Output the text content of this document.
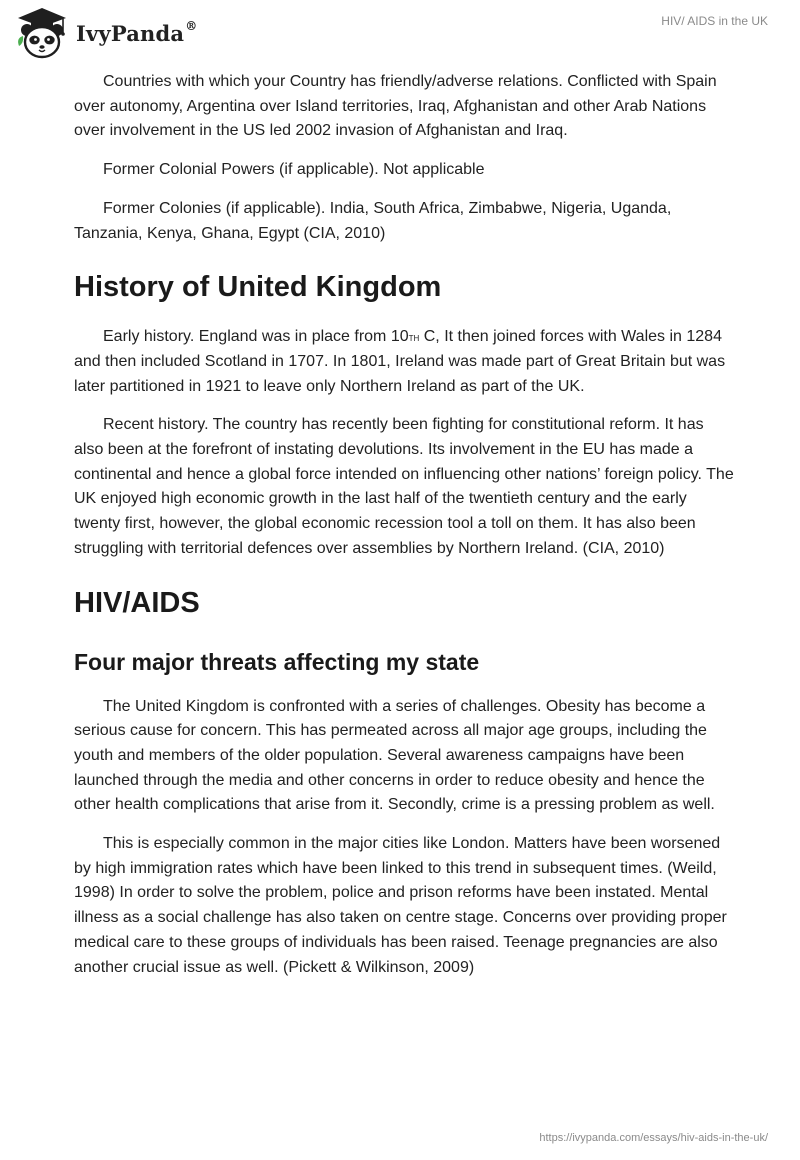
IvyPanda®	HIV/ AIDS in the UK

Countries with which your Country has friendly/adverse relations. Conflicted with Spain over autonomy, Argentina over Island territories, Iraq, Afghanistan and other Arab Nations over involvement in the US led 2002 invasion of Afghanistan and Iraq.

Former Colonial Powers (if applicable). Not applicable

Former Colonies (if applicable). India, South Africa, Zimbabwe, Nigeria, Uganda, Tanzania, Kenya, Ghana, Egypt (CIA, 2010)

History of United Kingdom

Early history. England was in place from 10TH C, It then joined forces with Wales in 1284 and then included Scotland in 1707. In 1801, Ireland was made part of Great Britain but was later partitioned in 1921 to leave only Northern Ireland as part of the UK.

Recent history. The country has recently been fighting for constitutional reform. It has also been at the forefront of instating devolutions. Its involvement in the EU has made a continental and hence a global force intended on influencing other nations’ foreign policy. The UK enjoyed high economic growth in the last half of the twentieth century and the early twenty first, however, the global economic recession tool a toll on them. It has also been struggling with territorial defences over assemblies by Northern Ireland. (CIA, 2010)

HIV/AIDS
Four major threats affecting my state

The United Kingdom is confronted with a series of challenges. Obesity has become a serious cause for concern. This has permeated across all major age groups, including the youth and members of the older population. Several awareness campaigns have been launched through the media and other concerns in order to reduce obesity and hence the other health complications that arise from it. Secondly, crime is a pressing problem as well.

This is especially common in the major cities like London. Matters have been worsened by high immigration rates which have been linked to this trend in subsequent times. (Weild, 1998) In order to solve the problem, police and prison reforms have been instated. Mental illness as a social challenge has also taken on centre stage. Concerns over providing proper medical care to these groups of individuals has been raised. Teenage pregnancies are also another crucial issue as well. (Pickett & Wilkinson, 2009)

https://ivypanda.com/essays/hiv-aids-in-the-uk/
